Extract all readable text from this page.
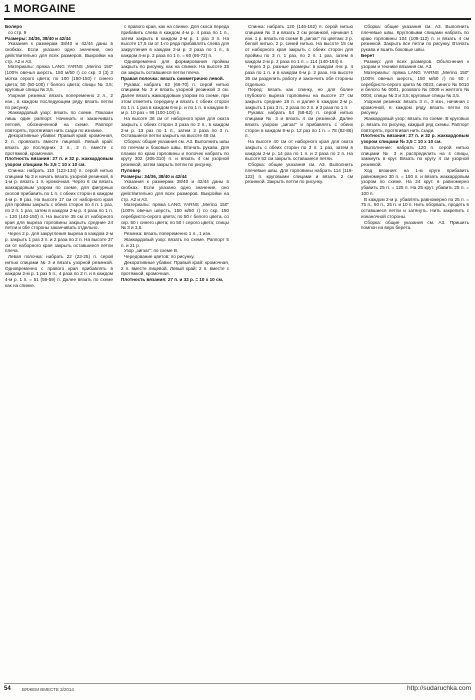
1 MORGAINE

Болеро

со стр. 9

Размеры: 34/36, 38/40 и 42/44

Указания к размерам 38/40 и 42/44 даны в скобках. Если указано одно значение, оно действительно для всех размеров. Выкройки на стр. А2 и А3.

Материалы: пряжа LANG YARNS „Merino 150" (100% овечья шерсть, 150 м/50 г) со скр. 3 (3) 3 мотка серого цвета; по 100 (150-150) г синего цвета; 50 (50-100) г белого цвета; спицы № 3,5; круговые спицы № 3,5.

Узорная резинка: вязать попеременно 2 л., 2 изн., в каждом последующем ряду вязать петли по рисунку.

Жаккардовый узор: вязать по схеме. Показан лишь один раппорт. Начинать и заканчивать петлей, обозначенной на схеме. Раппорт повторять, протягивая нить сзади по изнанке.

Декоративные убавки: Правый край: кромочная, 2 п. провязать вместе лицевой. Левый край: вязать до последних 3 п., 2 п. вместе с протяжкой, кромочная.

Плотность вязания: 27 п. и 32 р. жаккардовым узором спицами № 3,5 = 10 х 10 см.

Спинка: набрать 110 (122-134) п. серой нитью спицами № 3 и начать вязать узорной резинкой, в 1-м р. вязать 1 п. кромочная. Через 6 см вязать жаккардовым узором по схеме, для фигурных скосов прибавить по 1 п. с обеих сторон в каждом 4-м р. 9 раз. На высоте 17 см от наборного края для проймы закрыть с обеих сторон по 4 п. 1 раз, по 2 п. 1 раз, затем в каждом 2-м р. 4 раза по 1 п. = 120 (140-150) п. На высоте 35 см от наборного края для выреза горловины закрыть средние 24 петли и обе стороны заканчивать отдельно.

Через 2 р. для закругления выреза в каждом 2-м р. закрыть 1 раз 3 п. и 2 раза по 2 п. На высоте 37 см от наборного края закрыть оставшиеся петли плеча.

Левая полочка: набрать 22 (23-25) п. серой нитью спицами № 3 и вязать узорной резинкой. Одновременно с правого края прибавлять в каждом 2-м р. 1 раз 5 п., 4 раза по 2 п. и в каждом 4-м р. 1 п. = 51 (59-59) п. Далее вязать по схеме как на спинке.

с правого края, как на спинке. Для скоса переда прибавить слева в каждом 4-м р. 4 раза по 1 п., затем закрыть в каждом 2-м р. 1 раз 3 п. На высоте 17,5 см от 1-го ряда прибавлять слева для закругления в каждом 2-м р. 3 раза по 1 п., в каждом 4-м р. 2 раза по 1 п. = 60 (66-72) п.

Одновременно для формирования проймы закрыть по рисунку, как на спинке. На высоте 35 см закрыть оставшиеся петли плеча.

Правая полочка: вязать симметрично левой.

Рукава: набрать 62 (66-70) п. серой нитью спицами № 3 и вязать узорной резинкой 3 см. Далее вязать жаккардовым узором по схеме, при этом отметить середину и вязать с обеих сторон по 1 п. 1 раз в каждом 6-м р. и по 1 п. в каждом 8-м р. 10 раз = 96 (100-104) п.

На высоте 38 см от наборного края для оката закрыть с обеих сторон 3 раза по 2 п., в каждом 2-м р. 13 раз по 1 п., затем 2 раза по 3 п. Оставшиеся петли закрыть на высоте 48 см.

Сборка: общие указания см. А3. Выполнить швы по плечам и боковые швы. Втачать рукава. Для планки по краю горловины и полочек набрать по кругу 302 (306-310) п. и вязать 4 см узорной резинкой, затем закрыть петли по рисунку.

Пуловер

Размеры: 34/36, 38/40 и 42/44

Указания к размерам 38/40 и 42/44 даны в скобках. Если указано одно значение, оно действительно для всех размеров. Выкройки на стр. А2 и А3.

Материалы: пряжа LANG YARNS „Merino 150" (100% овечья шерсть, 150 м/50 г) со скр. 150 серебристо-серого цвета; по 50 г белого цвета, со скр. 50 г синего цвета; по 50 г серого цвета; спицы № 3 и 3,5.

Резинка: вязать попеременно 1 л., 1 изн.

Жаккардовый узор: вязать по схеме. Раппорт 5 п. и 21 р.

Узор „зигзаг": по схеме В.

Чередование цветов: по рисунку.

Декоративные убавки: Правый край: кромочная, 2 п. вместе лицевой. Левый край: 2 п. вместе с протяжкой, кромочная.

Плотность вязания: 27 п. и 32 р. = 10 х 10 см.

Спинка: набрать 120 (146-162) п. серой нитью спицами № 3 и вязать 2 см резинкой, начиная 1 изн. 1 р. вязать по схеме В „зигзаг" по цветам: 2 р. белой нитью, 2 р. синей нитью. На высоте 15 см от наборного края закрыть с обеих сторон для проймы по 3 п. 1 раз, по 2 п. 1 раз, затем в каждом 2-м р. 2 раза по 1 п. = 114 (140-154) п.

Через 3 р. разные размеры: в каждом 4-м р. 4 раза по 1 п. и в каждом 6-м р. 2 раза. На высоте 36 см разделить работу и закончить обе стороны отдельно.

Перед: вязать как спинку, но для более глубокого выреза горловины на высоте 27 см закрыть средние 18 п. и далее в каждом 2-м р. закрыть 1 раз 3 п., 2 раза по 2 п. и 3 раза по 1 п.

Рукава: набрать 54 (58-62) п. серой нитью спицами № 3 и вязать 4 см резинкой. Далее вязать узором „зигзаг" и прибавлять с обеих сторон в каждом 8-м р. 12 раз по 1 п. = 78 (82-86) п.

На высоте 40 см от наборного края для оката закрыть с обеих сторон по 3 п. 1 раз, затем в каждом 2-м р. 14 раз по 1 п. и 2 раза по 2 п. На высоте 52 см закрыть оставшиеся петли.

Сборка: общие указания см. А3. Выполнить плечевые швы. Для горловины набрать 114 (118-122) п. круговыми спицами и вязать 2 см резинкой. Закрыть петли по рисунку.

Сборка: общие указания см. А3. Выполнить плечевые швы. Кругловыми спицами набрать по краю горловины 104 (108-112) п. и вязать 4 см резинкой. Закрыть все петли по рисунку. Втачать рукава и вшить боковые швы.

Берет

Размер: для всех размеров. Объяснения к узорам и технике вязания см. А3.

Материалы: пряжа LANG YARNS „Merino 150" (100% овечья шерсть, 150 м/50 г) по 50 г серебристо-серого цвета № 0023, синего № 0010 и белого № 0001, розового № 0009 и желтого № 0004; спицы № 3 и 3,5; круговые спицы № 3,5.

Узорная резинка: вязать 3 л., 3 изн., начиная с кромочной, в каждом ряду вязать петли по рисунку.

Жаккардовый узор: вязать по схеме. В круговых р. вязать по рисунку, каждый ряд схемы. Раппорт повторять, протягивая нить сзади.

Плотность вязания: 27 п. и 32 р. жаккардовым узором спицами № 3,5 = 10 х 10 см.

Выполнение: набрать 120 п. серой нитью спицами № 3 и распределить на 4 спицы, замкнуть в круг. Вязать по кругу 4 см узорной резинкой.

Ход вязания: на 1-м круге прибавить равномерно 30 п. = 150 п. и вязать жаккардовым узором по схеме. На 24 крут. в равномерно убавить 25 п. = 125 п. На 25 крут. убавить 25 п. = 100 п.

В каждом 2-м р. убавлять равномерно по 25 п. = 75 п., 50 п., 25 п. и 10 п. Нить оборвать, продеть в оставшиеся петли и затянуть. Нить закрепить с изнаночной стороны.

Сборка: общие указания см. А3. Пришить помпон на верх берета.

54	ВЯЖЕМ ВМЕСТЕ 3/2014	http://sudaruchka.com
